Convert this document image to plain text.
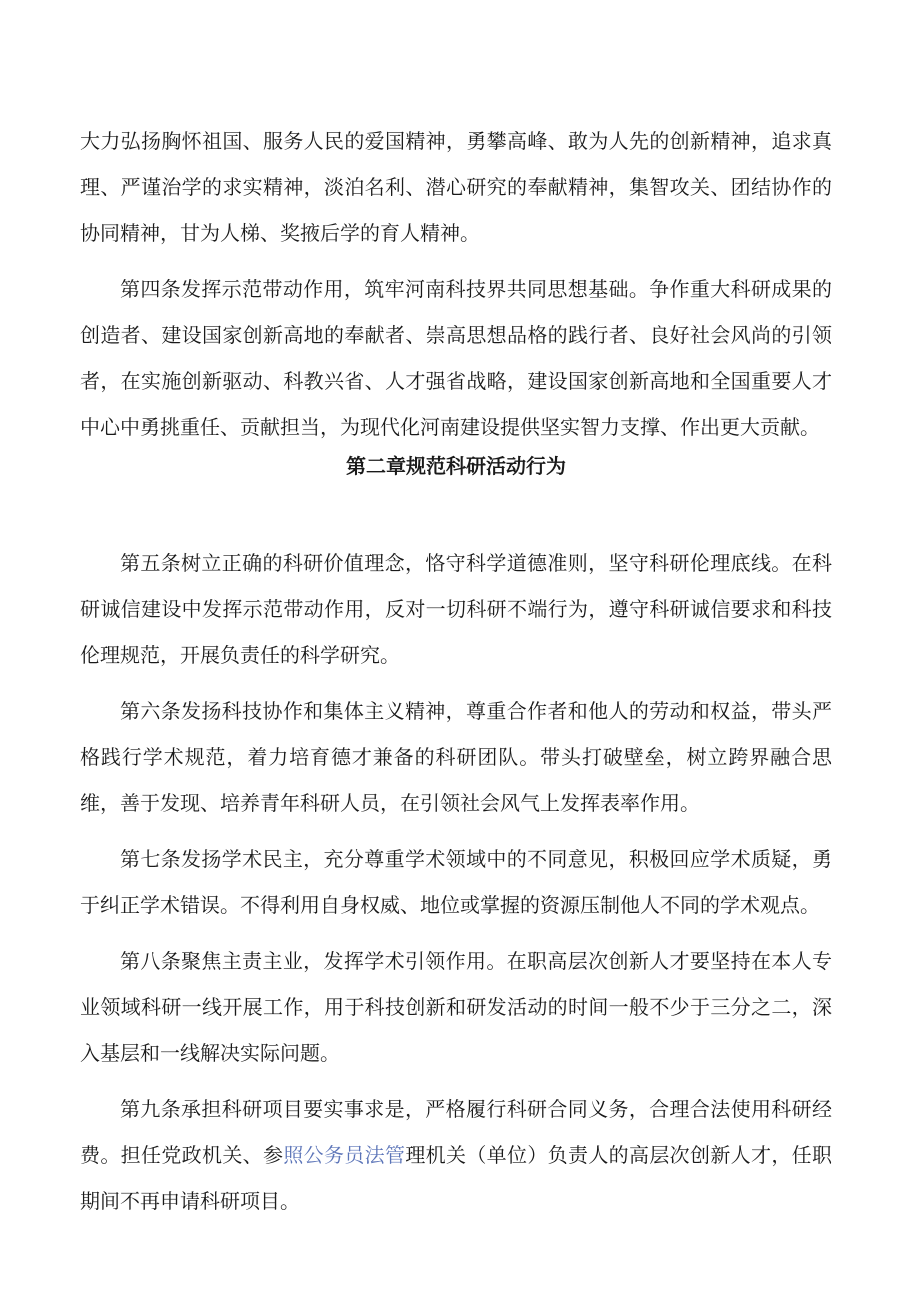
大力弘扬胸怀祖国、服务人民的爱国精神，勇攀高峰、敢为人先的创新精神，追求真理、严谨治学的求实精神，淡泊名利、潜心研究的奉献精神，集智攻关、团结协作的协同精神，甘为人梯、奖掖后学的育人精神。

第四条发挥示范带动作用，筑牢河南科技界共同思想基础。争作重大科研成果的创造者、建设国家创新高地的奉献者、崇高思想品格的践行者、良好社会风尚的引领者，在实施创新驱动、科教兴省、人才强省战略，建设国家创新高地和全国重要人才中心中勇挑重任、贡献担当，为现代化河南建设提供坚实智力支撑、作出更大贡献。

第二章规范科研活动行为

第五条树立正确的科研价值理念，恪守科学道德准则，坚守科研伦理底线。在科研诚信建设中发挥示范带动作用，反对一切科研不端行为，遵守科研诚信要求和科技伦理规范，开展负责任的科学研究。

第六条发扬科技协作和集体主义精神，尊重合作者和他人的劳动和权益，带头严格践行学术规范，着力培育德才兼备的科研团队。带头打破壁垒，树立跨界融合思维，善于发现、培养青年科研人员，在引领社会风气上发挥表率作用。

第七条发扬学术民主，充分尊重学术领域中的不同意见，积极回应学术质疑，勇于纠正学术错误。不得利用自身权威、地位或掌握的资源压制他人不同的学术观点。

第八条聚焦主责主业，发挥学术引领作用。在职高层次创新人才要坚持在本人专业领域科研一线开展工作，用于科技创新和研发活动的时间一般不少于三分之二，深入基层和一线解决实际问题。

第九条承担科研项目要实事求是，严格履行科研合同义务，合理合法使用科研经费。担任党政机关、参照公务员法管理机关（单位）负责人的高层次创新人才，任职期间不再申请科研项目。
